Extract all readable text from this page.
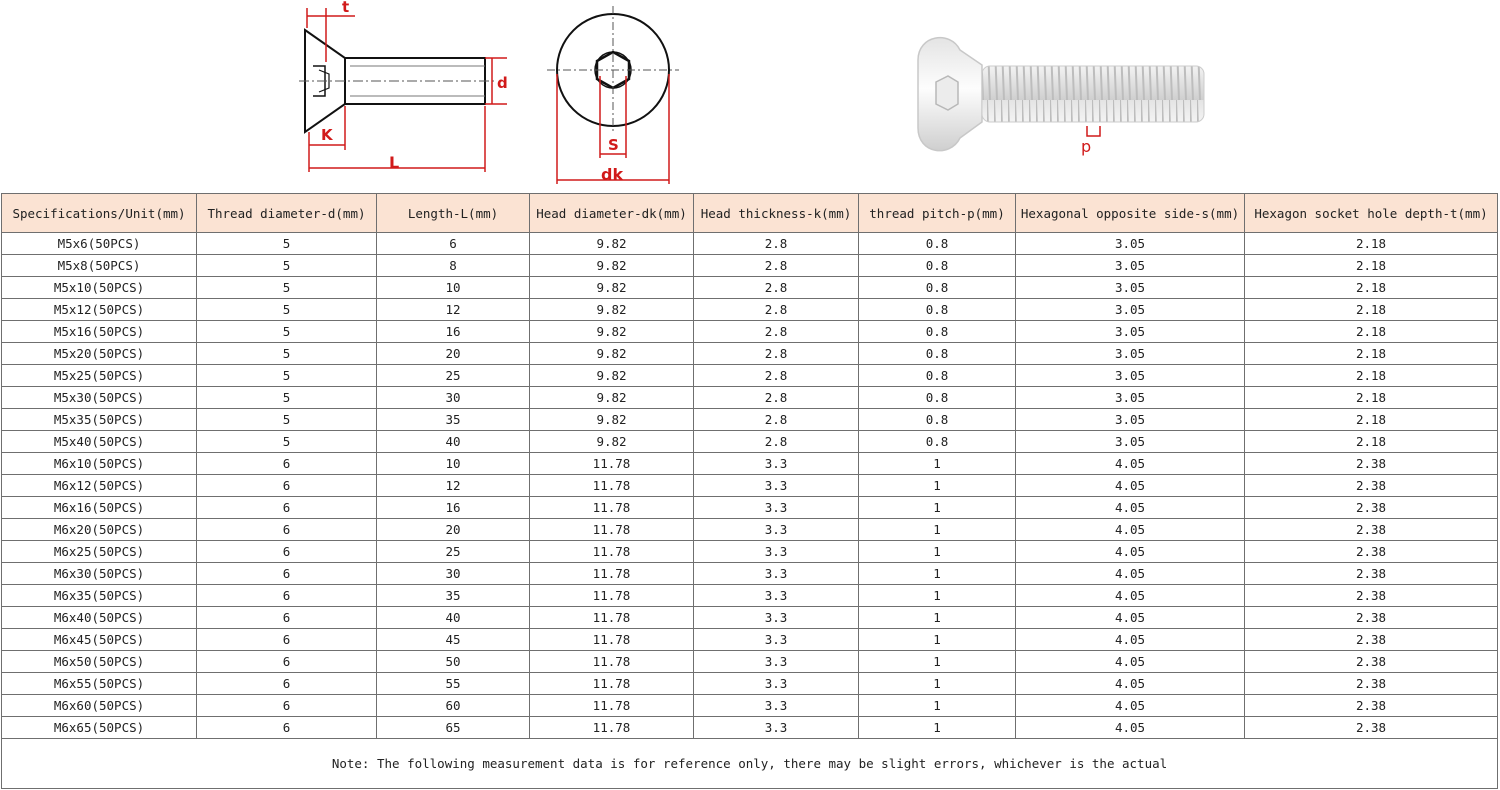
t
d
K
L
S
dk
p
Specifications/Unit(mm)	Thread diameter-d(mm)	Length-L(mm)	Head diameter-dk(mm)	Head thickness-k(mm)	thread pitch-p(mm)	Hexagonal opposite side-s(mm)	Hexagon socket hole depth-t(mm)
M5x6(50PCS)	5	6	9.82	2.8	0.8	3.05	2.18
M5x8(50PCS)	5	8	9.82	2.8	0.8	3.05	2.18
M5x10(50PCS)	5	10	9.82	2.8	0.8	3.05	2.18
M5x12(50PCS)	5	12	9.82	2.8	0.8	3.05	2.18
M5x16(50PCS)	5	16	9.82	2.8	0.8	3.05	2.18
M5x20(50PCS)	5	20	9.82	2.8	0.8	3.05	2.18
M5x25(50PCS)	5	25	9.82	2.8	0.8	3.05	2.18
M5x30(50PCS)	5	30	9.82	2.8	0.8	3.05	2.18
M5x35(50PCS)	5	35	9.82	2.8	0.8	3.05	2.18
M5x40(50PCS)	5	40	9.82	2.8	0.8	3.05	2.18
M6x10(50PCS)	6	10	11.78	3.3	1	4.05	2.38
M6x12(50PCS)	6	12	11.78	3.3	1	4.05	2.38
M6x16(50PCS)	6	16	11.78	3.3	1	4.05	2.38
M6x20(50PCS)	6	20	11.78	3.3	1	4.05	2.38
M6x25(50PCS)	6	25	11.78	3.3	1	4.05	2.38
M6x30(50PCS)	6	30	11.78	3.3	1	4.05	2.38
M6x35(50PCS)	6	35	11.78	3.3	1	4.05	2.38
M6x40(50PCS)	6	40	11.78	3.3	1	4.05	2.38
M6x45(50PCS)	6	45	11.78	3.3	1	4.05	2.38
M6x50(50PCS)	6	50	11.78	3.3	1	4.05	2.38
M6x55(50PCS)	6	55	11.78	3.3	1	4.05	2.38
M6x60(50PCS)	6	60	11.78	3.3	1	4.05	2.38
M6x65(50PCS)	6	65	11.78	3.3	1	4.05	2.38
Note: The following measurement data is for reference only, there may be slight errors, whichever is the actual							
